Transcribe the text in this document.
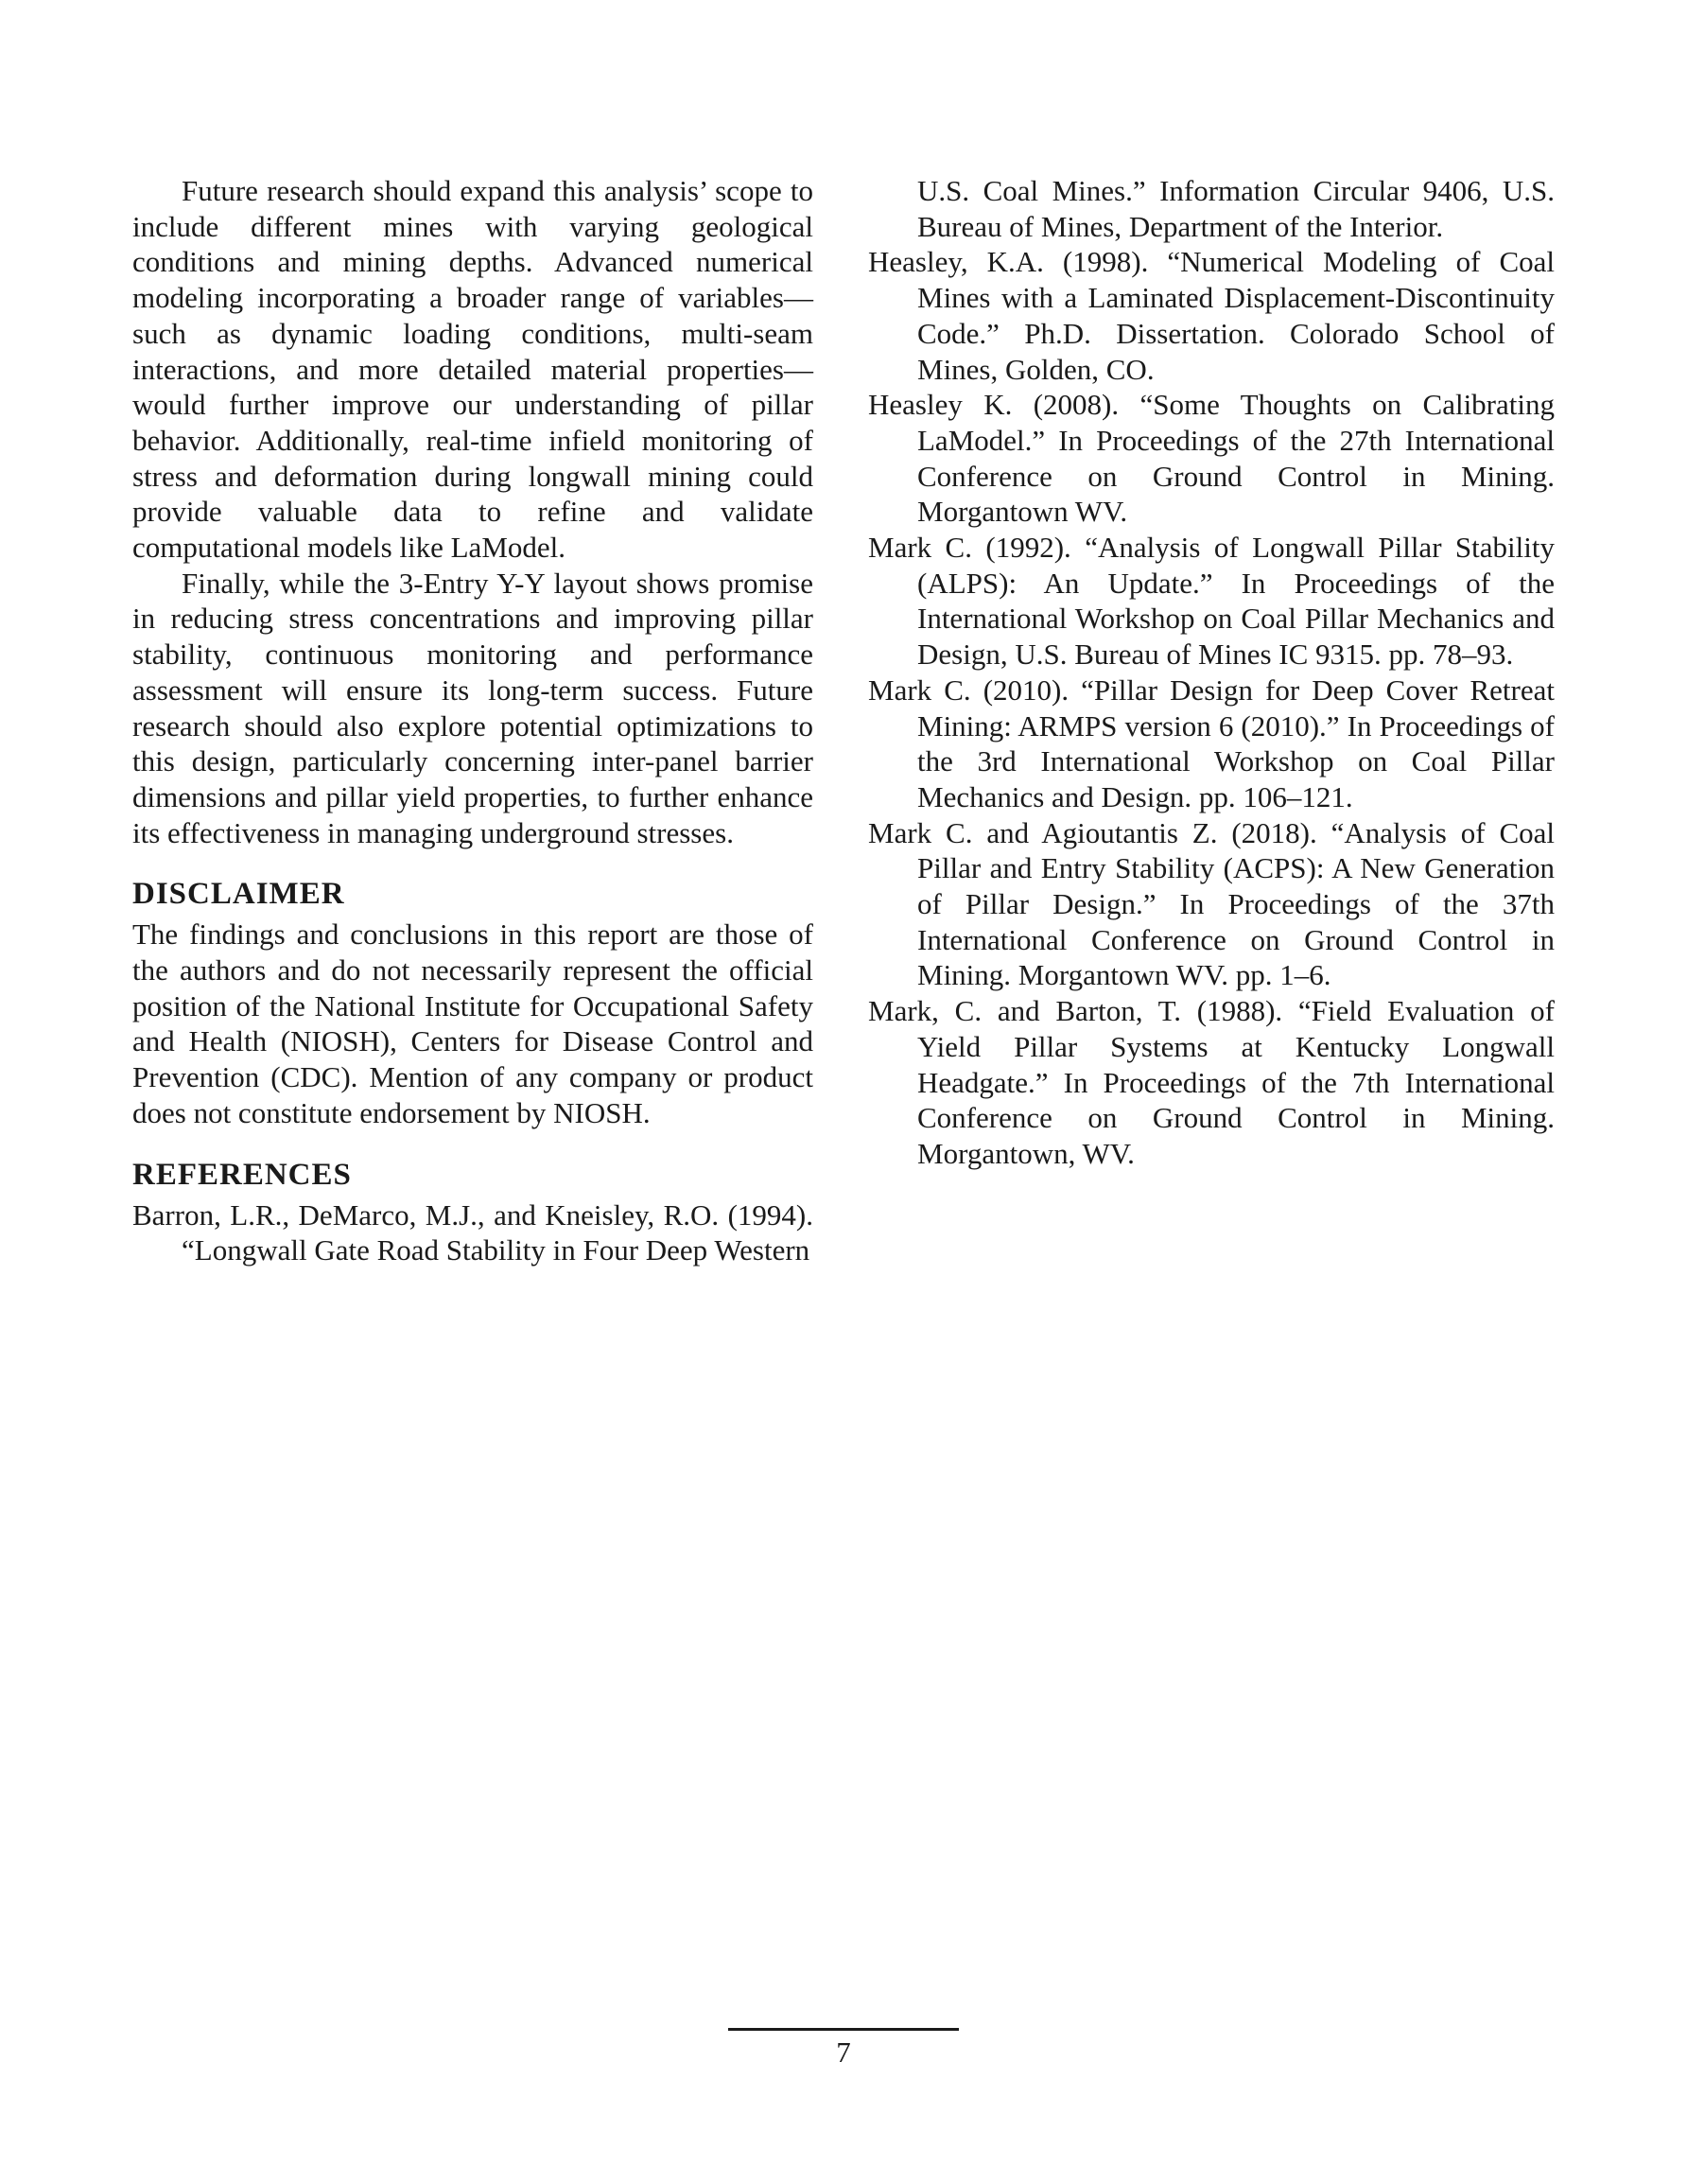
Future research should expand this analysis’ scope to include different mines with varying geological conditions and mining depths. Advanced numerical modeling incorporating a broader range of variables—such as dynamic loading conditions, multi-seam interactions, and more detailed material properties—would further improve our understanding of pillar behavior. Additionally, real-time infield monitoring of stress and deformation during longwall mining could provide valuable data to refine and validate computational models like LaModel.

Finally, while the 3-Entry Y-Y layout shows promise in reducing stress concentrations and improving pillar stability, continuous monitoring and performance assessment will ensure its long-term success. Future research should also explore potential optimizations to this design, particularly concerning inter-panel barrier dimensions and pillar yield properties, to further enhance its effectiveness in managing underground stresses.

DISCLAIMER

The findings and conclusions in this report are those of the authors and do not necessarily represent the official position of the National Institute for Occupational Safety and Health (NIOSH), Centers for Disease Control and Prevention (CDC). Mention of any company or product does not constitute endorsement by NIOSH.

REFERENCES

Barron, L.R., DeMarco, M.J., and Kneisley, R.O. (1994). “Longwall Gate Road Stability in Four Deep Western

U.S. Coal Mines.” Information Circular 9406, U.S. Bureau of Mines, Department of the Interior.

Heasley, K.A. (1998). “Numerical Modeling of Coal Mines with a Laminated Displacement-Discontinuity Code.” Ph.D. Dissertation. Colorado School of Mines, Golden, CO.

Heasley K. (2008). “Some Thoughts on Calibrating LaModel.” In Proceedings of the 27th International Conference on Ground Control in Mining. Morgantown WV.

Mark C. (1992). “Analysis of Longwall Pillar Stability (ALPS): An Update.” In Proceedings of the International Workshop on Coal Pillar Mechanics and Design, U.S. Bureau of Mines IC 9315. pp. 78–93.

Mark C. (2010). “Pillar Design for Deep Cover Retreat Mining: ARMPS version 6 (2010).” In Proceedings of the 3rd International Workshop on Coal Pillar Mechanics and Design. pp. 106–121.

Mark C. and Agioutantis Z. (2018). “Analysis of Coal Pillar and Entry Stability (ACPS): A New Generation of Pillar Design.” In Proceedings of the 37th International Conference on Ground Control in Mining. Morgantown WV. pp. 1–6.

Mark, C. and Barton, T. (1988). “Field Evaluation of Yield Pillar Systems at Kentucky Longwall Headgate.” In Proceedings of the 7th International Conference on Ground Control in Mining. Morgantown, WV.

7
